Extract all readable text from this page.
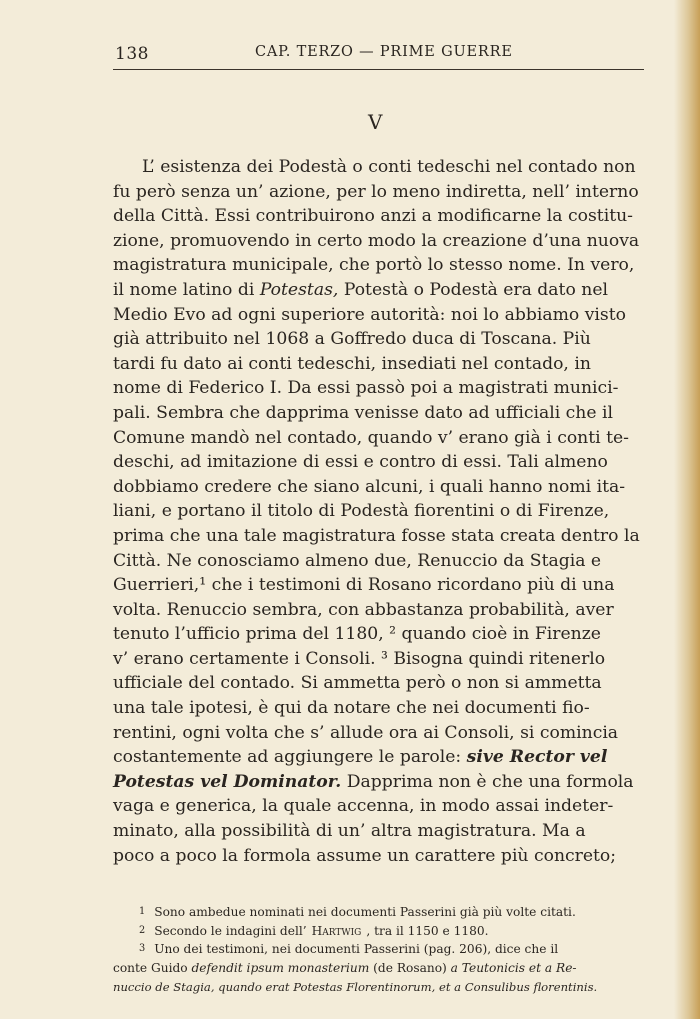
138	CAP. TERZO — PRIME GUERRE
V
L’ esistenza dei Podestà o conti tedeschi nel contado non
fu però senza un’ azione, per lo meno indiretta, nell’ interno
della Città. Essi contribuirono anzi a modificarne la costitu-
zione, promuovendo in certo modo la creazione d’una nuova
magistratura municipale, che portò lo stesso nome. In vero,
il nome latino di Potestas, Potestà o Podestà era dato nel
Medio Evo ad ogni superiore autorità: noi lo abbiamo visto
già attribuito nel 1068 a Goffredo duca di Toscana. Più
tardi fu dato ai conti tedeschi, insediati nel contado, in
nome di Federico I. Da essi passò poi a magistrati munici-
pali. Sembra che dapprima venisse dato ad ufficiali che il
Comune mandò nel contado, quando v’ erano già i conti te-
deschi, ad imitazione di essi e contro di essi. Tali almeno
dobbiamo credere che siano alcuni, i quali hanno nomi ita-
liani, e portano il titolo di Podestà fiorentini o di Firenze,
prima che una tale magistratura fosse stata creata dentro la
Città. Ne conosciamo almeno due, Renuccio da Stagia e
Guerrieri,¹ che i testimoni di Rosano ricordano più di una
volta. Renuccio sembra, con abbastanza probabilità, aver
tenuto l’ufficio prima del 1180, ² quando cioè in Firenze
v’ erano certamente i Consoli. ³ Bisogna quindi ritenerlo
ufficiale del contado. Si ammetta però o non si ammetta
una tale ipotesi, è qui da notare che nei documenti fio-
rentini, ogni volta che s’ allude ora ai Consoli, si comincia
costantemente ad aggiungere le parole: sive Rector vel
Potestas vel Dominator. Dapprima non è che una formola
vaga e generica, la quale accenna, in modo assai indeter-
minato, alla possibilità di un’ altra magistratura. Ma a
poco a poco la formola assume un carattere più concreto;
1 Sono ambedue nominati nei documenti Passerini già più volte citati.
2 Secondo le indagini dell’ Hartwig , tra il 1150 e 1180.
3 Uno dei testimoni, nei documenti Passerini (pag. 206), dice che il
conte Guido defendit ipsum monasterium (de Rosano) a Teutonicis et a Re-
nuccio de Stagia, quando erat Potestas Florentinorum, et a Consulibus florentinis.
